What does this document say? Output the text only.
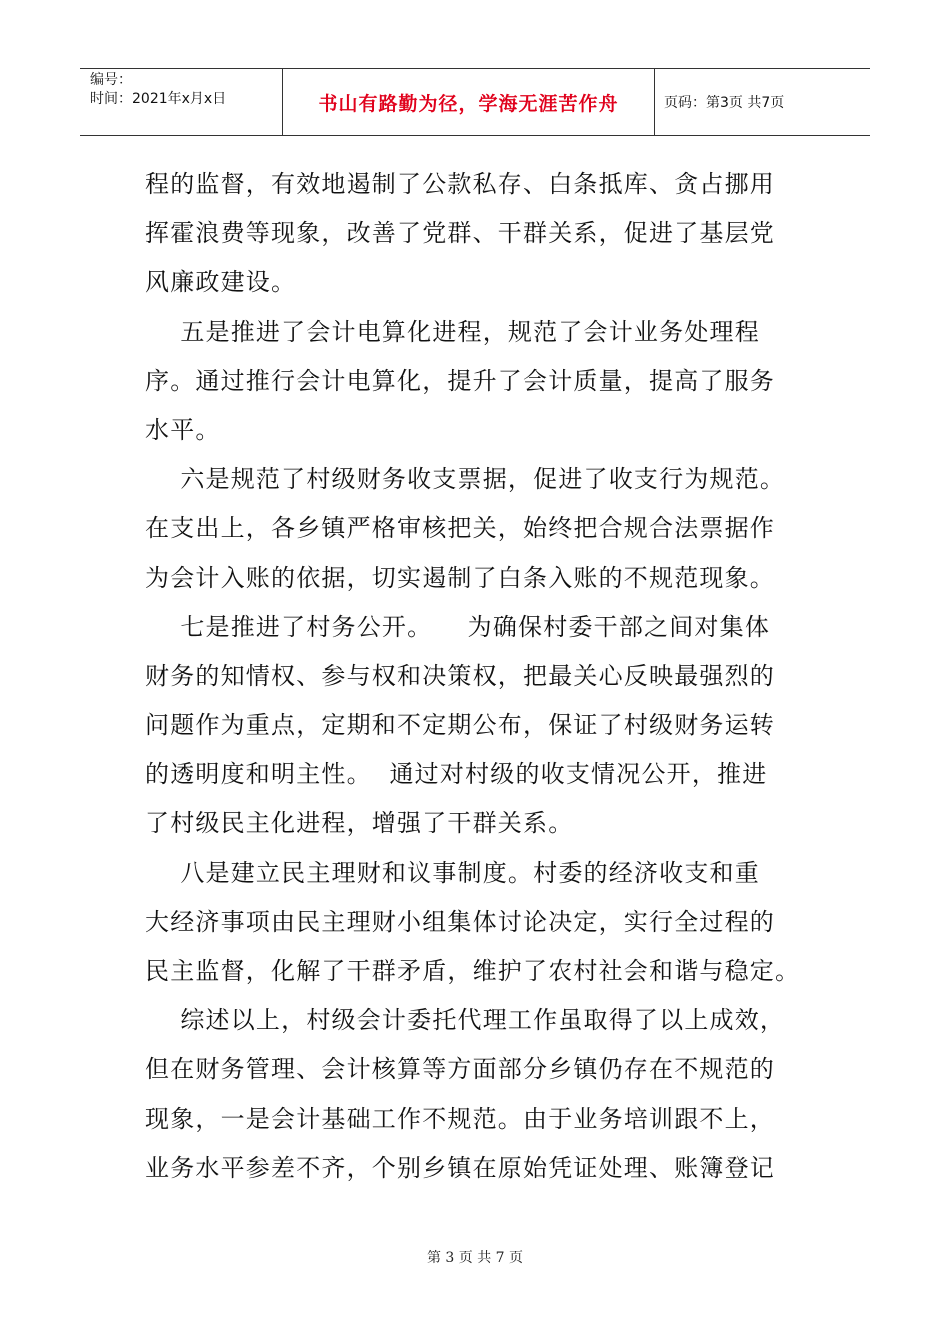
编号：
时间：2021年x月x日	书山有路勤为径，学海无涯苦作舟	页码：第3页 共7页
程的监督，有效地遏制了公款私存、白条抵库、贪占挪用
挥霍浪费等现象，改善了党群、干群关系，促进了基层党
风廉政建设。
五是推进了会计电算化进程，规范了会计业务处理程
序。通过推行会计电算化，提升了会计质量，提高了服务
水平。
六是规范了村级财务收支票据，促进了收支行为规范。
在支出上，各乡镇严格审核把关，始终把合规合法票据作
为会计入账的依据，切实遏制了白条入账的不规范现象。
七是推进了村务公开。    为确保村委干部之间对集体
财务的知情权、参与权和决策权，把最关心反映最强烈的
问题作为重点，定期和不定期公布，保证了村级财务运转
的透明度和明主性。  通过对村级的收支情况公开，推进
了村级民主化进程，增强了干群关系。
八是建立民主理财和议事制度。村委的经济收支和重
大经济事项由民主理财小组集体讨论决定，实行全过程的
民主监督，化解了干群矛盾，维护了农村社会和谐与稳定。
综述以上，村级会计委托代理工作虽取得了以上成效，
但在财务管理、会计核算等方面部分乡镇仍存在不规范的
现象，一是会计基础工作不规范。由于业务培训跟不上，
业务水平参差不齐，个别乡镇在原始凭证处理、账簿登记
第 3 页 共 7 页
